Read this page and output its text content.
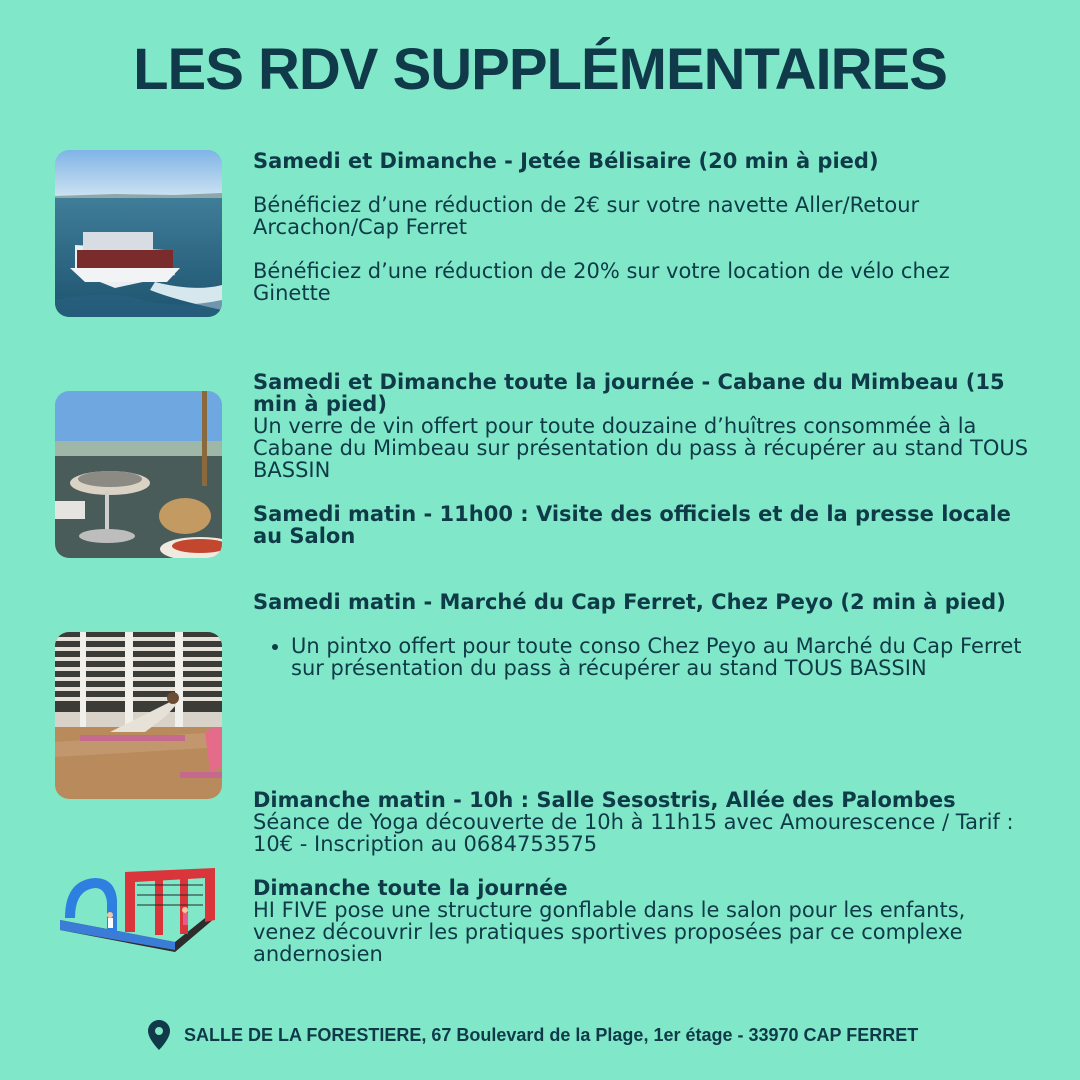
LES RDV SUPPLÉMENTAIRES

Samedi et Dimanche - Jetée Bélisaire (20 min à pied)

Bénéficiez d’une réduction de 2€ sur votre navette Aller/Retour Arcachon/Cap Ferret

Bénéficiez d’une réduction de 20% sur votre location de vélo chez Ginette

Samedi et Dimanche toute la journée - Cabane du Mimbeau (15 min à pied)

Un verre de vin offert pour toute douzaine d’huîtres consommée à la Cabane du Mimbeau sur présentation du pass à récupérer au stand TOUS BASSIN

Samedi matin - 11h00 : Visite des officiels et de la presse locale au Salon

Samedi matin - Marché du Cap Ferret, Chez Peyo (2 min à pied)

• Un pintxo offert pour toute conso Chez Peyo au Marché du Cap Ferret sur présentation du pass à récupérer au stand TOUS BASSIN

Dimanche matin - 10h : Salle Sesostris, Allée des Palombes

Séance de Yoga découverte de 10h à 11h15 avec Amourescence / Tarif : 10€ - Inscription au 0684753575

Dimanche toute la journée

HI FIVE pose une structure gonflable dans le salon pour les enfants, venez découvrir les pratiques sportives proposées par ce complexe andernosien

SALLE DE LA FORESTIERE, 67 Boulevard de la Plage, 1er étage - 33970 CAP FERRET
